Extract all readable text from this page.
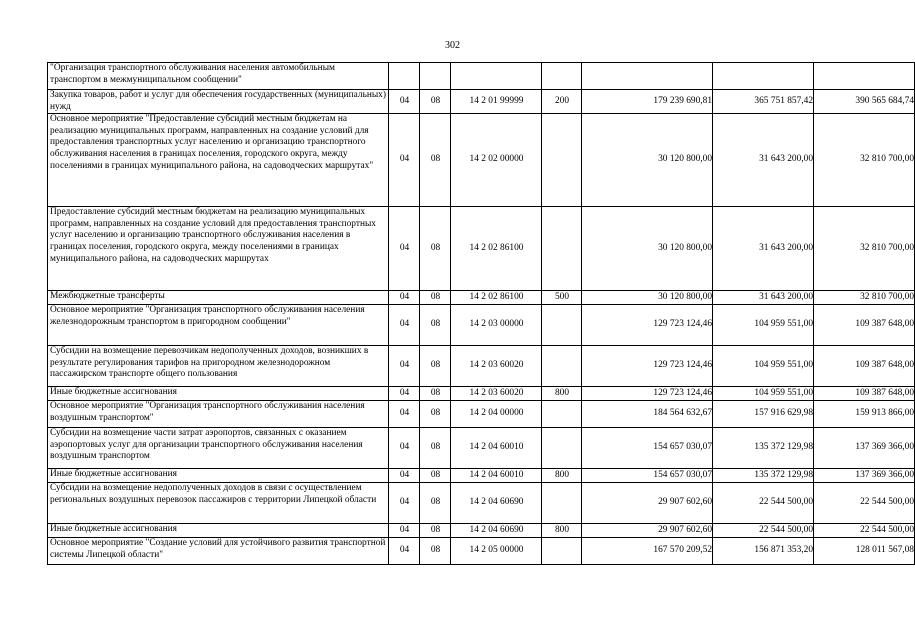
302
"Организация транспортного обслуживания населения автомобильным транспортом в межмуниципальном сообщении"							
Закупка товаров, работ и услуг для обеспечения государственных (муниципальных) нужд	04	08	14 2 01 99999	200	179 239 690,81	365 751 857,42	390 565 684,74
Основное мероприятие "Предоставление субсидий местным бюджетам на реализацию муниципальных программ, направленных на создание условий для предоставления транспортных услуг населению и организацию транспортного обслуживания населения в границах поселения, городского округа, между поселениями в границах муниципального района, на садоводческих маршрутах"	04	08	14 2 02 00000		30 120 800,00	31 643 200,00	32 810 700,00
Предоставление субсидий местным бюджетам на реализацию муниципальных программ, направленных на создание условий для предоставления транспортных услуг населению и организацию транспортного обслуживания населения в границах поселения, городского округа, между поселениями в границах муниципального района, на садоводческих маршрутах	04	08	14 2 02 86100		30 120 800,00	31 643 200,00	32 810 700,00
Межбюджетные трансферты	04	08	14 2 02 86100	500	30 120 800,00	31 643 200,00	32 810 700,00
Основное мероприятие "Организация транспортного обслуживания населения железнодорожным транспортом в пригородном сообщении"	04	08	14 2 03 00000		129 723 124,46	104 959 551,00	109 387 648,00
Субсидии на возмещение перевозчикам недополученных доходов, возникших в результате регулирования тарифов на пригородном железнодорожном пассажирском транспорте общего пользования	04	08	14 2 03 60020		129 723 124,46	104 959 551,00	109 387 648,00
Иные бюджетные ассигнования	04	08	14 2 03 60020	800	129 723 124,46	104 959 551,00	109 387 648,00
Основное мероприятие "Организация транспортного обслуживания населения воздушным транспортом"	04	08	14 2 04 00000		184 564 632,67	157 916 629,98	159 913 866,00
Субсидии на возмещение части затрат аэропортов, связанных с оказанием аэропортовых услуг для организации транспортного обслуживания населения воздушным транспортом	04	08	14 2 04 60010		154 657 030,07	135 372 129,98	137 369 366,00
Иные бюджетные ассигнования	04	08	14 2 04 60010	800	154 657 030,07	135 372 129,98	137 369 366,00
Субсидии на возмещение недополученных доходов в связи с осуществлением региональных воздушных перевозок пассажиров с территории Липецкой области	04	08	14 2 04 60690		29 907 602,60	22 544 500,00	22 544 500,00
Иные бюджетные ассигнования	04	08	14 2 04 60690	800	29 907 602,60	22 544 500,00	22 544 500,00
Основное мероприятие "Создание условий для устойчивого развития транспортной системы Липецкой области"	04	08	14 2 05 00000		167 570 209,52	156 871 353,20	128 011 567,08
